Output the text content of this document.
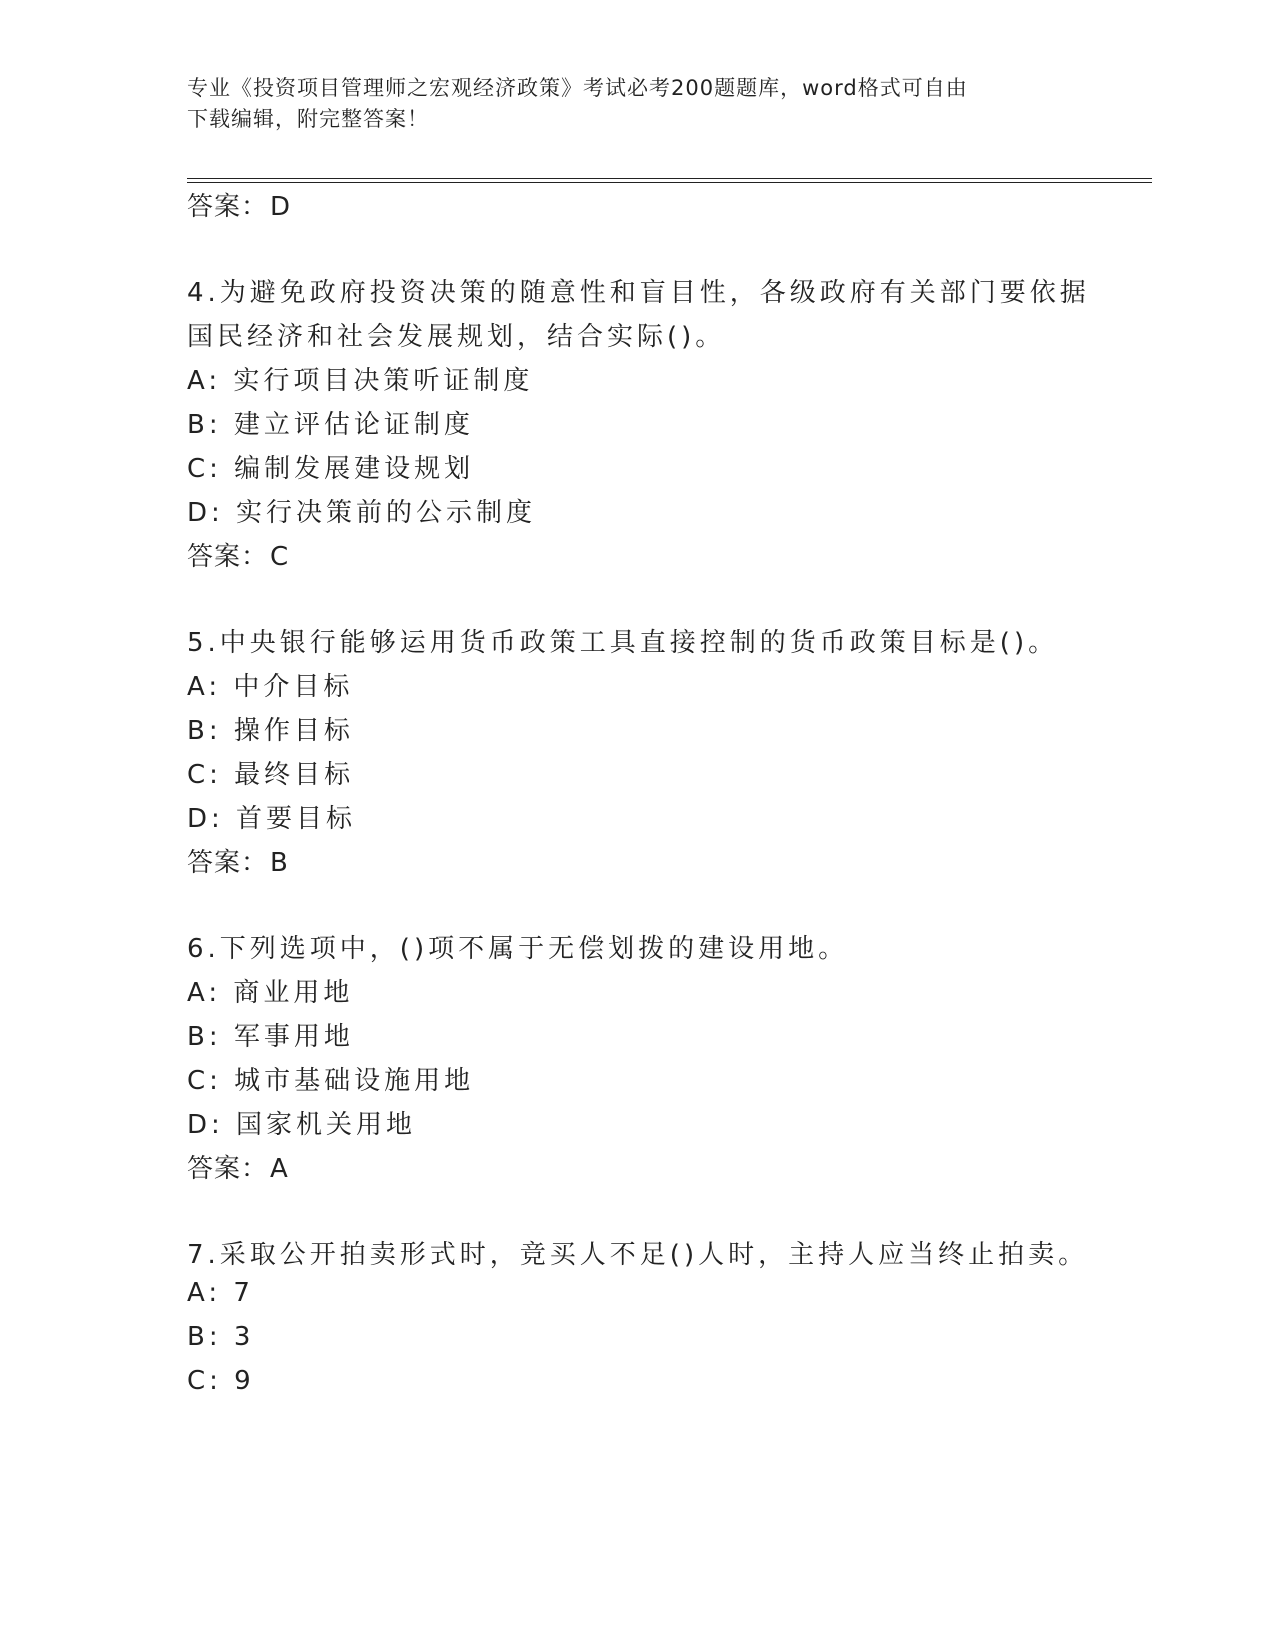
专业《投资项目管理师之宏观经济政策》考试必考200题题库，word格式可自由
下载编辑，附完整答案！
答案：D
4.为避免政府投资决策的随意性和盲目性，各级政府有关部门要依据
国民经济和社会发展规划，结合实际()。
A: 实行项目决策听证制度
B: 建立评估论证制度
C: 编制发展建设规划
D: 实行决策前的公示制度
答案：C
5.中央银行能够运用货币政策工具直接控制的货币政策目标是()。
A: 中介目标
B: 操作目标
C: 最终目标
D: 首要目标
答案：B
6.下列选项中，()项不属于无偿划拨的建设用地。
A: 商业用地
B: 军事用地
C: 城市基础设施用地
D: 国家机关用地
答案：A
7.采取公开拍卖形式时，竞买人不足()人时，主持人应当终止拍卖。
A: 7
B: 3
C: 9
